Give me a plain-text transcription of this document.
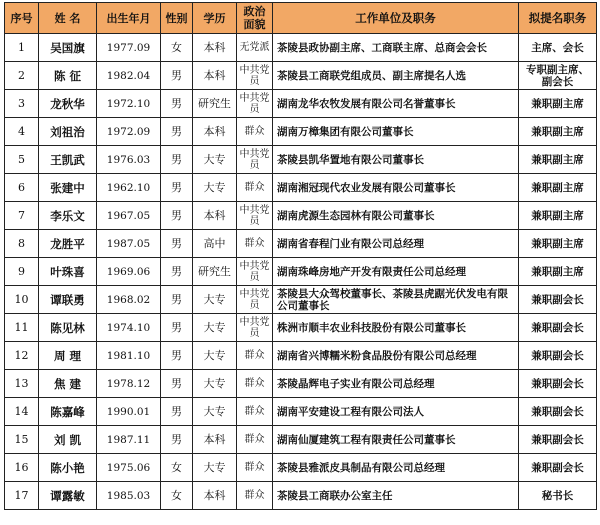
序号	姓 名	出生年月	性别	学历	政治面貌	工作单位及职务	拟提名职务
1	吴国旗	1977.09	女	本科	无党派	茶陵县政协副主席、工商联主席、总商会会长	主席、会长
2	陈 征	1982.04	男	本科	中共党员	茶陵县工商联党组成员、副主席提名人选	专职副主席、副会长
3	龙秋华	1972.10	男	研究生	中共党员	湖南龙华农牧发展有限公司名誉董事长	兼职副主席
4	刘祖治	1972.09	男	本科	群众	湖南万樟集团有限公司董事长	兼职副主席
5	王凯武	1976.03	男	大专	中共党员	茶陵县凯华置地有限公司董事长	兼职副主席
6	张建中	1962.10	男	大专	群众	湖南湘冠现代农业发展有限公司董事长	兼职副主席
7	李乐文	1967.05	男	本科	中共党员	湖南虎源生态园林有限公司董事长	兼职副主席
8	龙胜平	1987.05	男	高中	群众	湖南省春程门业有限公司总经理	兼职副主席
9	叶珠喜	1969.06	男	研究生	中共党员	湖南珠峰房地产开发有限责任公司总经理	兼职副主席
10	谭联勇	1968.02	男	大专	中共党员	茶陵县大众驾校董事长、茶陵县虎踞光伏发电有限公司董事长	兼职副会长
11	陈见林	1974.10	男	大专	中共党员	株洲市顺丰农业科技股份有限公司董事长	兼职副会长
12	周 理	1981.10	男	大专	群众	湖南省兴博糯米粉食品股份有限公司总经理	兼职副会长
13	焦 建	1978.12	男	大专	群众	茶陵晶辉电子实业有限公司总经理	兼职副会长
14	陈嘉峰	1990.01	男	大专	群众	湖南平安建设工程有限公司法人	兼职副会长
15	刘 凯	1987.11	男	本科	群众	湖南仙厦建筑工程有限责任公司董事长	兼职副会长
16	陈小艳	1975.06	女	大专	群众	茶陵县雅派皮具制品有限公司总经理	兼职副会长
17	谭露敏	1985.03	女	本科	群众	茶陵县工商联办公室主任	秘书长
